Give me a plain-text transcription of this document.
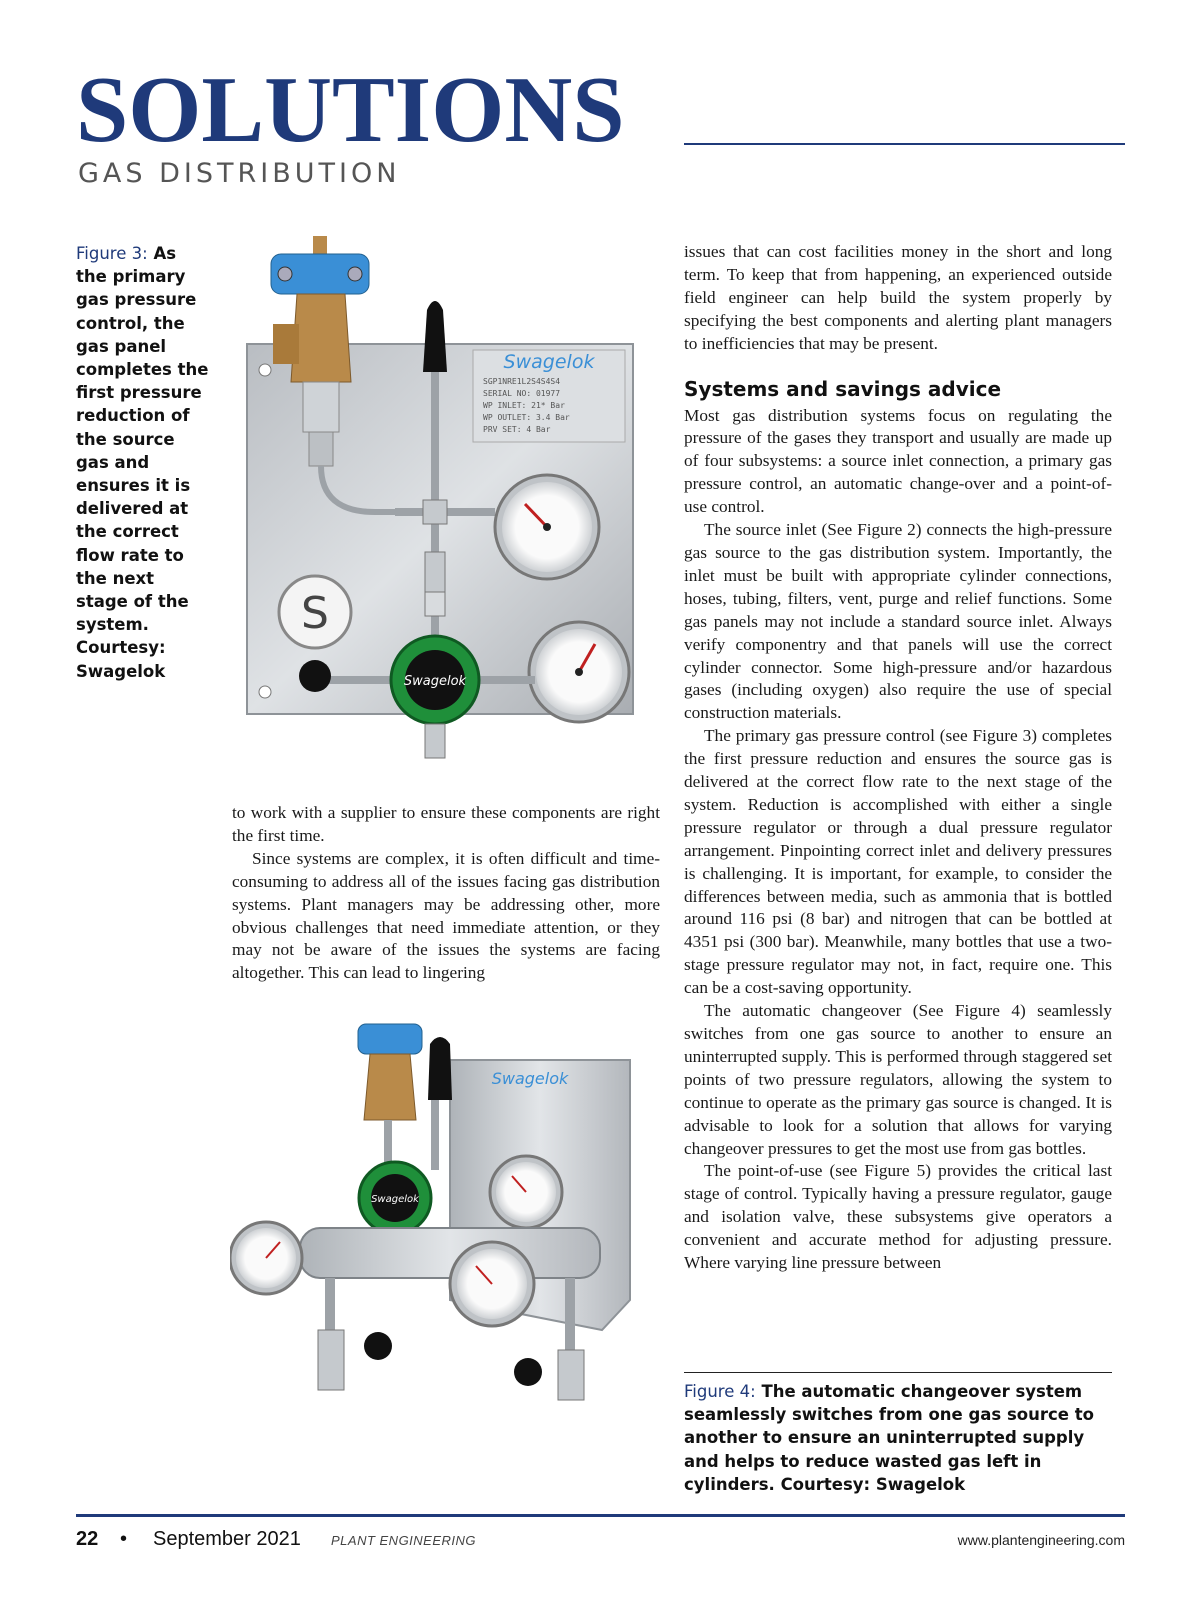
SOLUTIONS
GAS DISTRIBUTION
Figure 3: As the primary gas pressure control, the gas panel completes the first pressure reduction of the source gas and ensures it is delivered at the correct flow rate to the next stage of the system. Courtesy: Swagelok
Swagelok
SGP1NRE1L2S4S4S4
SERIAL NO: 01977
WP INLET: 21* Bar
WP OUTLET: 3.4 Bar
PRV SET: 4 Bar
S
Swagelok
Swagelok
Swagelok

to work with a supplier to ensure these components are right the first time.

Since systems are complex, it is often difficult and time-consuming to address all of the issues facing gas distribution systems. Plant managers may be addressing other, more obvious challenges that need immediate attention, or they may not be aware of the issues the systems are facing altogether. This can lead to lingering

issues that can cost facilities money in the short and long term. To keep that from happening, an experienced outside field engineer can help build the system properly by specifying the best components and alerting plant managers to inefficiencies that may be present.

Systems and savings advice

Most gas distribution systems focus on regulating the pressure of the gases they transport and usually are made up of four subsystems: a source inlet connection, a primary gas pressure control, an automatic change-over and a point-of-use control.

The source inlet (See Figure 2) connects the high-pressure gas source to the gas distribution system. Importantly, the inlet must be built with appropriate cylinder connections, hoses, tubing, filters, vent, purge and relief functions. Some gas panels may not include a standard source inlet. Always verify componentry and that panels will use the correct cylinder connector. Some high-pressure and/or hazardous gases (including oxygen) also require the use of special construction materials.

The primary gas pressure control (see Figure 3) completes the first pressure reduction and ensures the source gas is delivered at the correct flow rate to the next stage of the system. Reduction is accomplished with either a single pressure regulator or through a dual pressure regulator arrangement. Pinpointing correct inlet and delivery pressures is challenging. It is important, for example, to consider the differences between media, such as ammonia that is bottled around 116 psi (8 bar) and nitrogen that can be bottled at 4351 psi (300 bar). Meanwhile, many bottles that use a two-stage pressure regulator may not, in fact, require one. This can be a cost-saving opportunity.

The automatic changeover (See Figure 4) seamlessly switches from one gas source to another to ensure an uninterrupted supply. This is performed through staggered set points of two pressure regulators, allowing the system to continue to operate as the primary gas source is changed. It is advisable to look for a solution that allows for varying changeover pressures to get the most use from gas bottles.

The point-of-use (see Figure 5) provides the critical last stage of control. Typically having a pressure regulator, gauge and isolation valve, these subsystems give operators a convenient and accurate method for adjusting pressure. Where varying line pressure between

Figure 4: The automatic changeover system seamlessly switches from one gas source to another to ensure an uninterrupted supply and helps to reduce wasted gas left in cylinders. Courtesy: Swagelok
22 • September 2021 PLANT ENGINEERING	www.plantengineering.com
